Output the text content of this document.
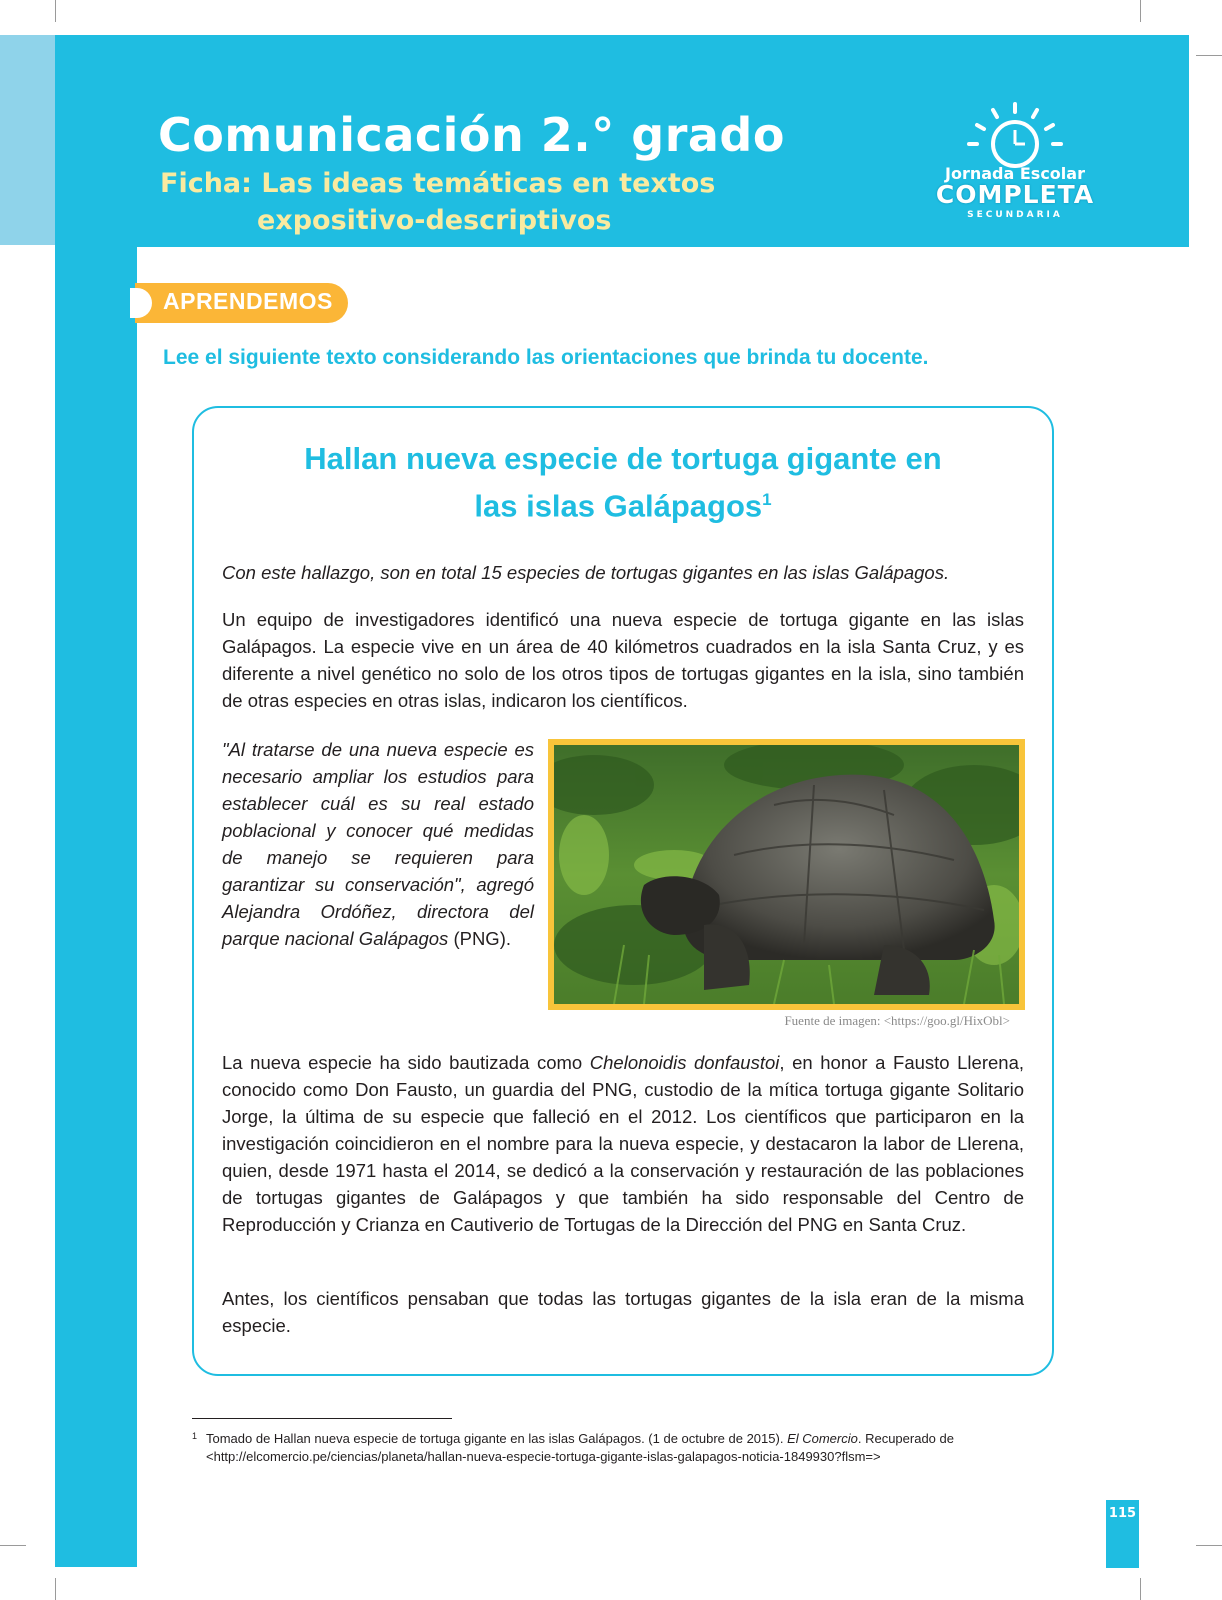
Comunicación 2.° grado
Ficha: Las ideas temáticas en textos
expositivo-descriptivos
Jornada Escolar
COMPLETA
SECUNDARIA
APRENDEMOS
Lee el siguiente texto considerando las orientaciones que brinda tu docente.
Hallan nueva especie de tortuga gigante en
las islas Galápagos$^1$
Con este hallazgo, son en total 15 especies de tortugas gigantes en las islas Galápagos.
Un equipo de investigadores identificó una nueva especie de tortuga gigante en las islas Galápagos. La especie vive en un área de 40 kilómetros cuadrados en la isla Santa Cruz, y es diferente a nivel genético no solo de los otros tipos de tortugas gigantes en la isla, sino también de otras especies en otras islas, indicaron los científicos.
"Al tratarse de una nueva especie es necesario ampliar los estudios para establecer cuál es su real estado poblacional y conocer qué medidas de manejo se requieren para garantizar su conservación", agregó Alejandra Ordóñez, directora del parque nacional Galápagos (PNG).
Fuente de imagen: <https://goo.gl/HixObl>
La nueva especie ha sido bautizada como Chelonoidis donfaustoi, en honor a Fausto Llerena, conocido como Don Fausto, un guardia del PNG, custodio de la mítica tortuga gigante Solitario Jorge, la última de su especie que falleció en el 2012. Los científicos que participaron en la investigación coincidieron en el nombre para la nueva especie, y destacaron la labor de Llerena, quien, desde 1971 hasta el 2014, se dedicó a la conservación y restauración de las poblaciones de tortugas gigantes de Galápagos y que también ha sido responsable del Centro de Reproducción y Crianza en Cautiverio de Tortugas de la Dirección del PNG en Santa Cruz.
Antes, los científicos pensaban que todas las tortugas gigantes de la isla eran de la misma especie.
1 Tomado de Hallan nueva especie de tortuga gigante en las islas Galápagos. (1 de octubre de 2015). El Comercio. Recuperado de <http://elcomercio.pe/ciencias/planeta/hallan-nueva-especie-tortuga-gigante-islas-galapagos-noticia-1849930?flsm=>
115
